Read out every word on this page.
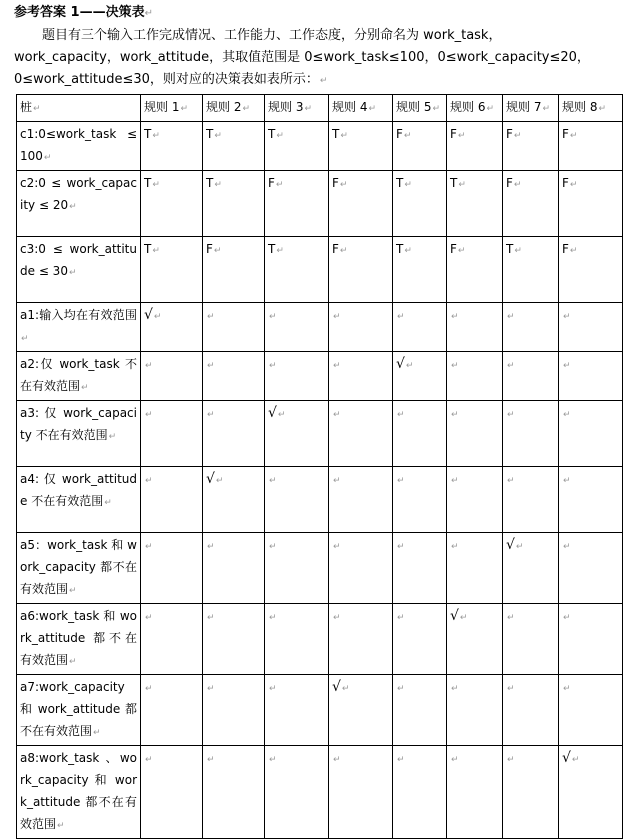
参考答案 1——决策表↵
题目有三个输入工作完成情况、工作能力、工作态度，分别命名为 work_task，
work_capacity，work_attitude，其取值范围是 0≤work_task≤100，0≤work_capacity≤20，
0≤work_attitude≤30，则对应的决策表如表所示：↵
桩↵	规则 1↵	规则 2↵	规则 3↵	规则 4↵	规则 5↵	规则 6↵	规则 7↵	规则 8↵
c1:0≤work_task ≤100↵	T↵	T↵	T↵	T↵	F↵	F↵	F↵	F↵
c2:0 ≤ work_capacity ≤ 20↵	T↵	T↵	F↵	F↵	T↵	T↵	F↵	F↵
c3:0 ≤ work_attitude ≤ 30↵	T↵	F↵	T↵	F↵	T↵	F↵	T↵	F↵
a1:输入均在有效范围↵	√↵	↵	↵	↵	↵	↵	↵	↵
a2:仅 work_task 不在有效范围↵	↵	↵	↵	↵	√↵	↵	↵	↵
a3: 仅 work_capacity 不在有效范围↵	↵	↵	√↵	↵	↵	↵	↵	↵
a4: 仅 work_attitude 不在有效范围↵	↵	√↵	↵	↵	↵	↵	↵	↵
a5：work_task 和 work_capacity 都不在有效范围↵	↵	↵	↵	↵	↵	↵	√↵	↵
a6:work_task 和 work_attitude 都不在有效范围↵	↵	↵	↵	↵	↵	√↵	↵	↵
a7:work_capacity 和 work_attitude 都不在有效范围↵	↵	↵	↵	√↵	↵	↵	↵	↵
a8:work_task 、work_capacity 和 work_attitude 都不在有效范围↵	↵	↵	↵	↵	↵	↵	↵	√↵
